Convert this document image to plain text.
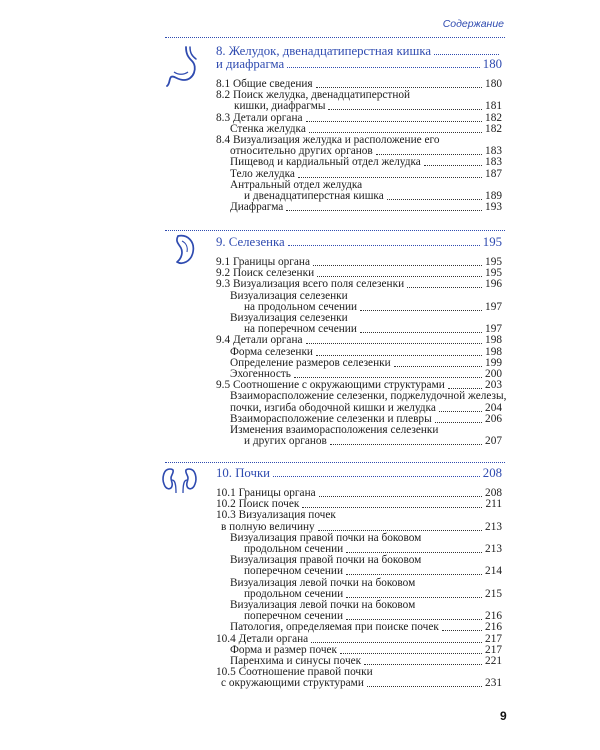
Содержание
8. Желудок, двенадцатиперстная кишка
и диафрагма	180
8.1 Общие сведения	180
8.2 Поиск желудка, двенадцатиперстной
кишки, диафрагмы	181
8.3 Детали органа	182
Стенка желудка	182
8.4 Визуализация желудка и расположение его
относительно других органов	183
Пищевод и кардиальный отдел желудка	183
Тело желудка	187
Антральный отдел желудка
и двенадцатиперстная кишка	189
Диафрагма	193
9. Селезенка	195
9.1 Границы органа	195
9.2 Поиск селезенки	195
9.3 Визуализация всего поля селезенки	196
Визуализация селезенки
на продольном сечении	197
Визуализация селезенки
на поперечном сечении	197
9.4 Детали органа	198
Форма селезенки	198
Определение размеров селезенки	199
Эхогенность	200
9.5 Соотношение с окружающими структурами	203
Взаиморасположение селезенки, поджелудочной железы,
почки, изгиба ободочной кишки и желудка	204
Взаиморасположение селезенки и плевры	206
Изменения взаиморасположения селезенки
и других органов	207
10. Почки	208
10.1 Границы органа	208
10.2 Поиск почек	211
10.3 Визуализация почек
в полную величину	213
Визуализация правой почки на боковом
продольном сечении	213
Визуализация правой почки на боковом
поперечном сечении	214
Визуализация левой почки на боковом
продольном сечении	215
Визуализация левой почки на боковом
поперечном сечении	216
Патология, определяемая при поиске почек	216
10.4 Детали органа	217
Форма и размер почек	217
Паренхима и синусы почек	221
10.5 Соотношение правой почки
с окружающими структурами	231
9
